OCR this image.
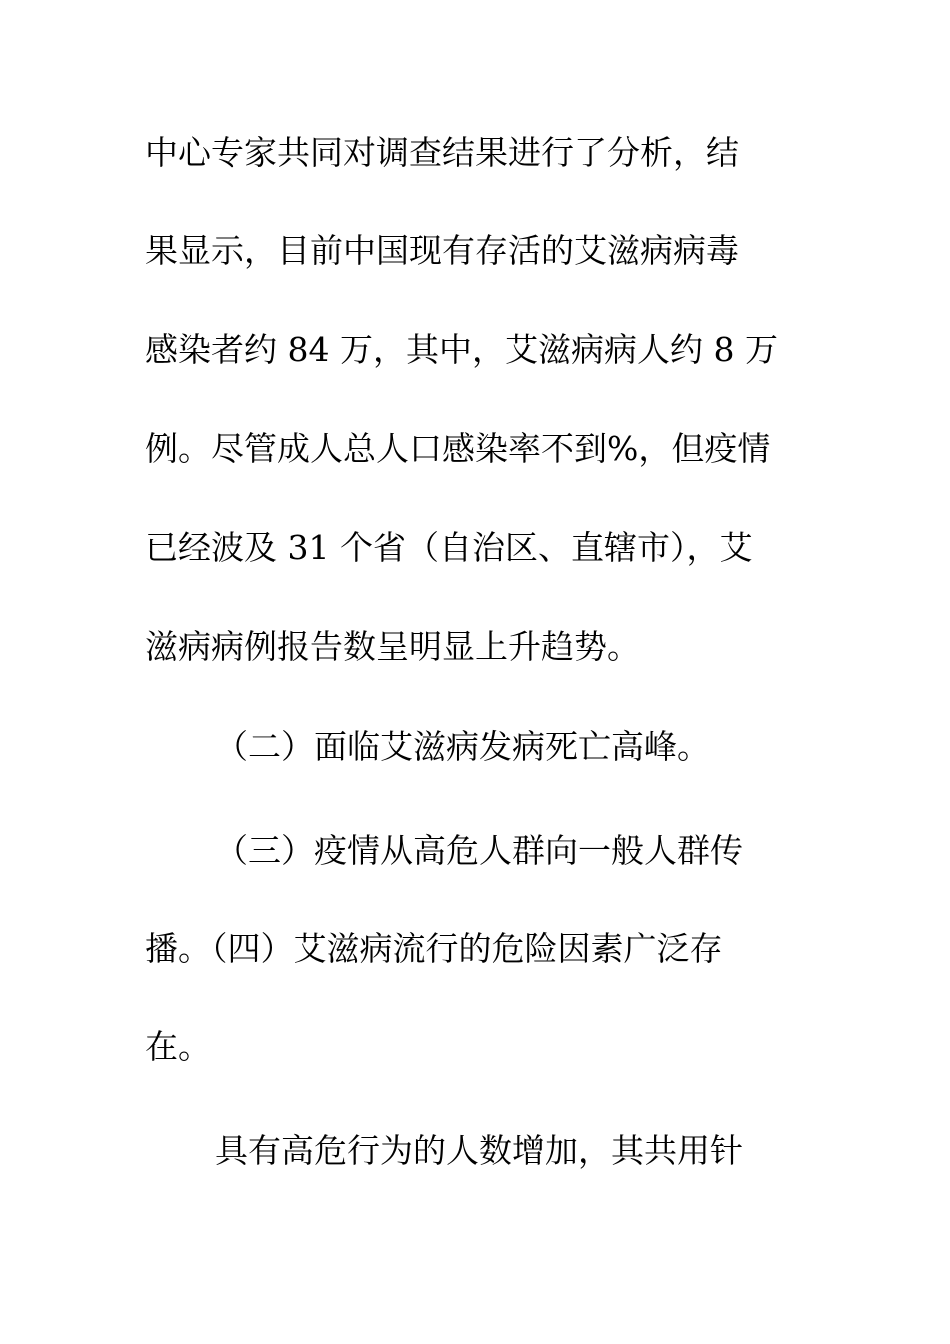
中心专家共同对调查结果进行了分析，结
果显示，目前中国现有存活的艾滋病病毒
感染者约 84 万，其中，艾滋病病人约 8 万
例。尽管成人总人口感染率不到%，但疫情
已经波及 31 个省（自治区、直辖市），艾
滋病病例报告数呈明显上升趋势。
（二）面临艾滋病发病死亡高峰。
（三）疫情从高危人群向一般人群传
播。（四）艾滋病流行的危险因素广泛存
在。
具有高危行为的人数增加，其共用针
